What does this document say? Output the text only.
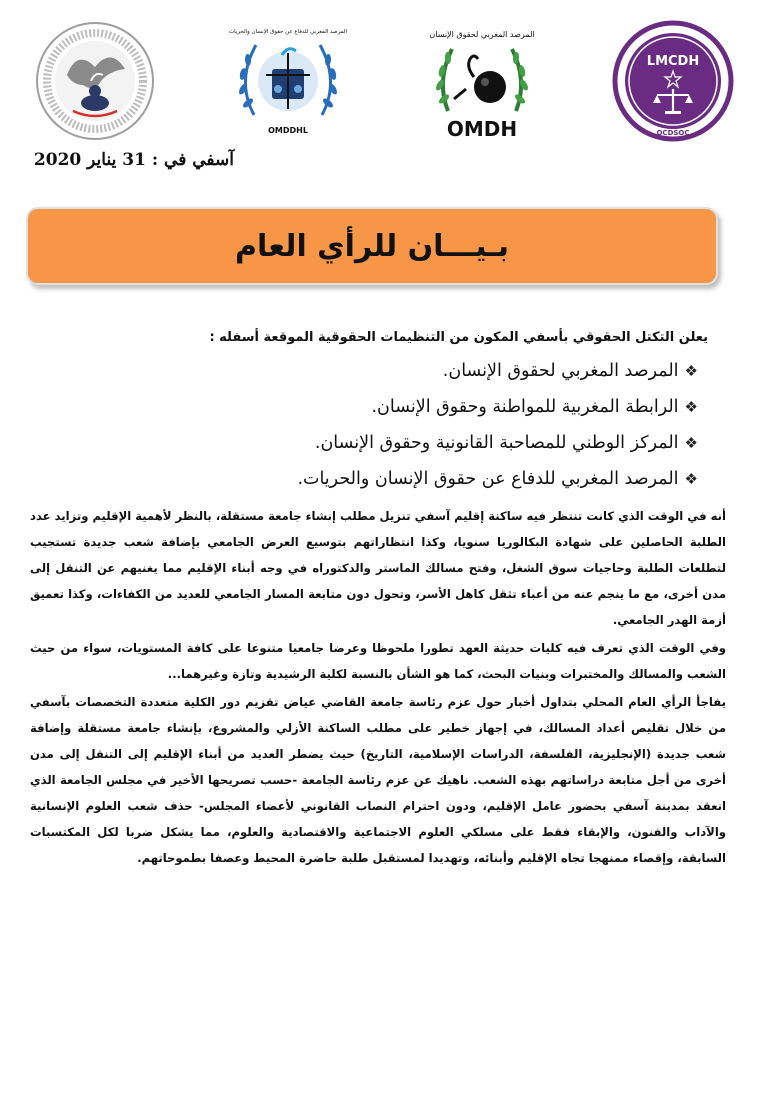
LMCDH
OCDSOC
المرصد المغربي لحقوق الإنسان
OMDH
المرصد المغربي للدفاع عن حقوق الإنسان والحريات
OMDDHL
آسفي في : 31 يناير 2020
بـيـــان للرأي العام

يعلن التكتل الحقوقي بأسفي المكون من التنظيمات الحقوقية الموقعة أسفله :

❖المرصد المغربي لحقوق الإنسان.
❖الرابطة المغربية للمواطنة وحقوق الإنسان.
❖المركز الوطني للمصاحبة القانونية وحقوق الإنسان.
❖المرصد المغربي للدفاع عن حقوق الإنسان والحريات.

أنه في الوقت الذي كانت تنتظر فيه ساكنة إقليم آسفي تنزيل مطلب إنشاء جامعة مستقلة، بالنظر لأهمية الإقليم وتزايد عدد الطلبة الحاصلين على شهادة البكالوريا سنويا، وكذا انتظاراتهم بتوسيع العرض الجامعي بإضافة شعب جديدة تستجيب لتطلعات الطلبة وحاجيات سوق الشغل، وفتح مسالك الماستر والدكتوراه في وجه أبناء الإقليم مما يغنيهم عن التنقل إلى مدن أخرى، مع ما ينجم عنه من أعباء تثقل كاهل الأسر، وتحول دون متابعة المسار الجامعي للعديد من الكفاءات، وكذا تعميق أزمة الهدر الجامعي.

وفي الوقت الذي تعرف فيه كليات حديثة العهد تطورا ملحوظا وعرضا جامعيا متنوعا على كافة المستويات، سواء من حيث الشعب والمسالك والمختبرات وبنيات البحث، كما هو الشأن بالنسبة لكلية الرشيدية وتازة وغيرهما...

يفاجأ الرأي العام المحلي بتداول أخبار حول عزم رئاسة جامعة القاضي عياض تقزيم دور الكلية متعددة التخصصات بآسفي من خلال تقليص أعداد المسالك، في إجهاز خطير على مطلب الساكنة الأزلي والمشروع، بإنشاء جامعة مستقلة وإضافة شعب جديدة (الإنجليزية، الفلسفة، الدراسات الإسلامية، التاريخ) حيث يضطر العديد من أبناء الإقليم إلى التنقل إلى مدن أخرى من أجل متابعة دراساتهم بهذه الشعب. ناهيك عن عزم رئاسة الجامعة -حسب تصريحها الأخير في مجلس الجامعة الذي انعقد بمدينة آسفي بحضور عامل الإقليم، ودون احترام النصاب القانوني لأعضاء المجلس- حذف شعب العلوم الإنسانية والآداب والفنون، والإبقاء فقط على مسلكي العلوم الاجتماعية والاقتصادية والعلوم، مما يشكل ضربا لكل المكتسبات السابقة، وإقصاء ممنهجا تجاه الإقليم وأبنائه، وتهديدا لمستقبل طلبة حاضرة المحيط وعصفا بطموحاتهم.
